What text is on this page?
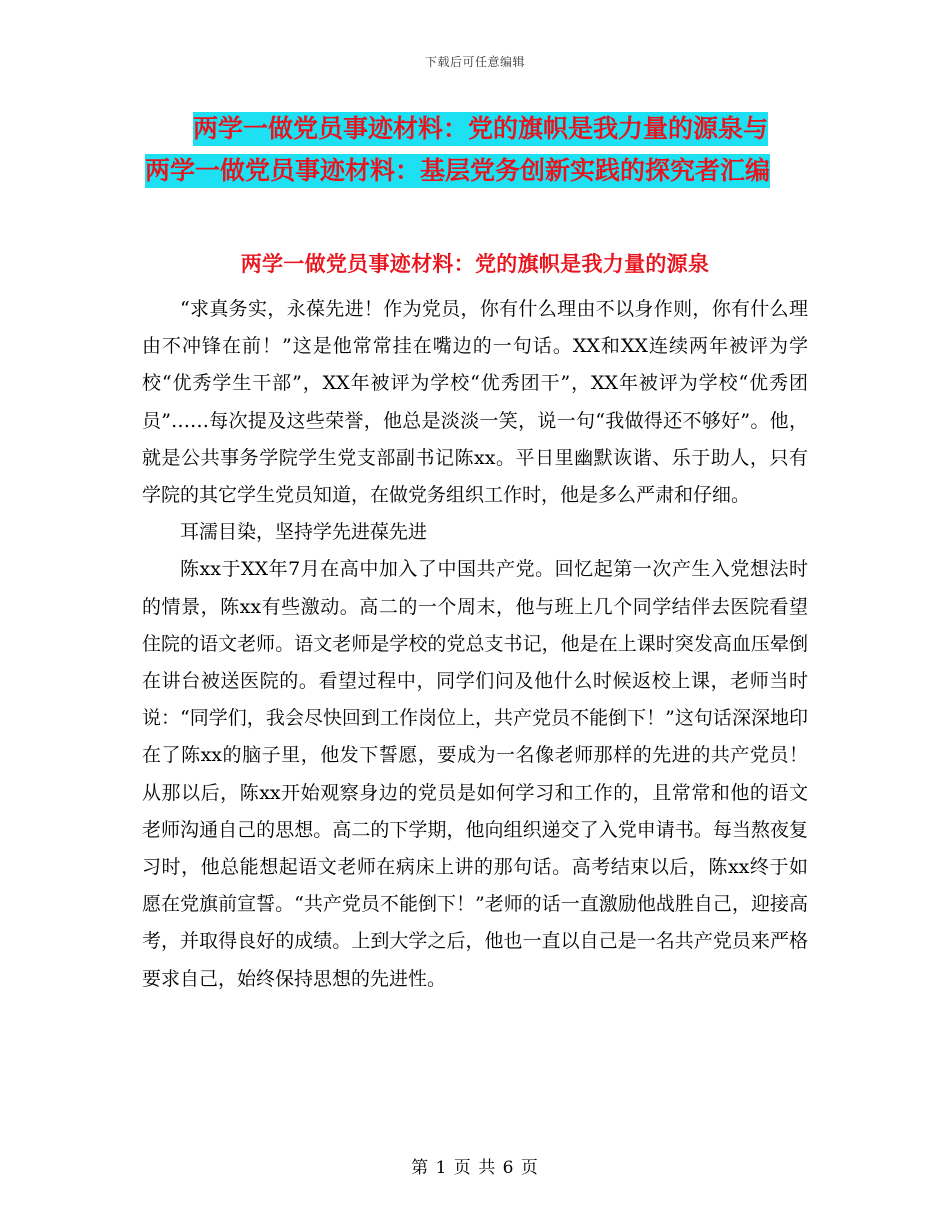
下载后可任意编辑
两学一做党员事迹材料：党的旗帜是我力量的源泉与
两学一做党员事迹材料：基层党务创新实践的探究者汇编
两学一做党员事迹材料：党的旗帜是我力量的源泉

“求真务实，永葆先进！作为党员，你有什么理由不以身作则，你有什么理由不冲锋在前！”这是他常常挂在嘴边的一句话。XX和XX连续两年被评为学校“优秀学生干部”，XX年被评为学校“优秀团干”，XX年被评为学校“优秀团员”……每次提及这些荣誉，他总是淡淡一笑，说一句“我做得还不够好”。他，就是公共事务学院学生党支部副书记陈xx。平日里幽默诙谐、乐于助人，只有学院的其它学生党员知道，在做党务组织工作时，他是多么严肃和仔细。

耳濡目染，坚持学先进葆先进

陈xx于XX年7月在高中加入了中国共产党。回忆起第一次产生入党想法时的情景，陈xx有些激动。高二的一个周末，他与班上几个同学结伴去医院看望住院的语文老师。语文老师是学校的党总支书记，他是在上课时突发高血压晕倒在讲台被送医院的。看望过程中，同学们问及他什么时候返校上课，老师当时说：“同学们，我会尽快回到工作岗位上，共产党员不能倒下！”这句话深深地印在了陈xx的脑子里，他发下誓愿，要成为一名像老师那样的先进的共产党员！从那以后，陈xx开始观察身边的党员是如何学习和工作的，且常常和他的语文老师沟通自己的思想。高二的下学期，他向组织递交了入党申请书。每当熬夜复习时，他总能想起语文老师在病床上讲的那句话。高考结束以后，陈xx终于如愿在党旗前宣誓。“共产党员不能倒下！”老师的话一直激励他战胜自己，迎接高考，并取得良好的成绩。上到大学之后，他也一直以自己是一名共产党员来严格要求自己，始终保持思想的先进性。

第 1 页 共 6 页
